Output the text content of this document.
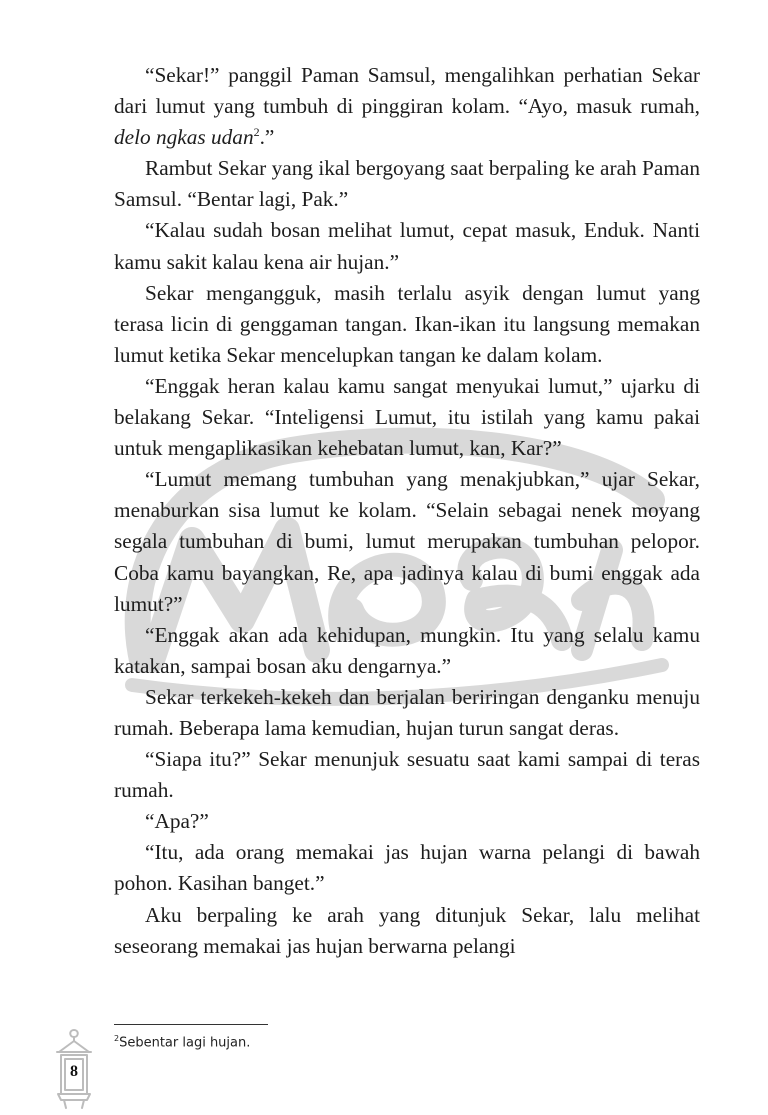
“Sekar!” panggil Paman Samsul, mengalihkan perhatian Sekar dari lumut yang tumbuh di pinggiran kolam. “Ayo, masuk rumah, delo ngkas udan$^2$.”

Rambut Sekar yang ikal bergoyang saat berpaling ke arah Paman Samsul. “Bentar lagi, Pak.”

“Kalau sudah bosan melihat lumut, cepat masuk, Enduk. Nanti kamu sakit kalau kena air hujan.”

Sekar mengangguk, masih terlalu asyik dengan lumut yang terasa licin di genggaman tangan. Ikan-ikan itu langsung memakan lumut ketika Sekar mencelupkan tangan ke dalam kolam.

“Enggak heran kalau kamu sangat menyukai lumut,” ujarku di belakang Sekar. “Inteligensi Lumut, itu istilah yang kamu pakai untuk mengaplikasikan kehebatan lumut, kan, Kar?”

“Lumut memang tumbuhan yang menakjubkan,” ujar Sekar, menaburkan sisa lumut ke kolam. “Selain sebagai nenek moyang segala tumbuhan di bumi, lumut merupakan tumbuhan pelopor. Coba kamu bayangkan, Re, apa jadinya kalau di bumi enggak ada lumut?”

“Enggak akan ada kehidupan, mungkin. Itu yang selalu kamu katakan, sampai bosan aku dengarnya.”

Sekar terkekeh-kekeh dan berjalan beriringan denganku menuju rumah. Beberapa lama kemudian, hujan turun sangat deras.

“Siapa itu?” Sekar menunjuk sesuatu saat kami sampai di teras rumah.

“Apa?”

“Itu, ada orang memakai jas hujan warna pelangi di bawah pohon. Kasihan banget.”

Aku berpaling ke arah yang ditunjuk Sekar, lalu melihat seseorang memakai jas hujan berwarna pelangi

$^2$Sebentar lagi hujan.
8
